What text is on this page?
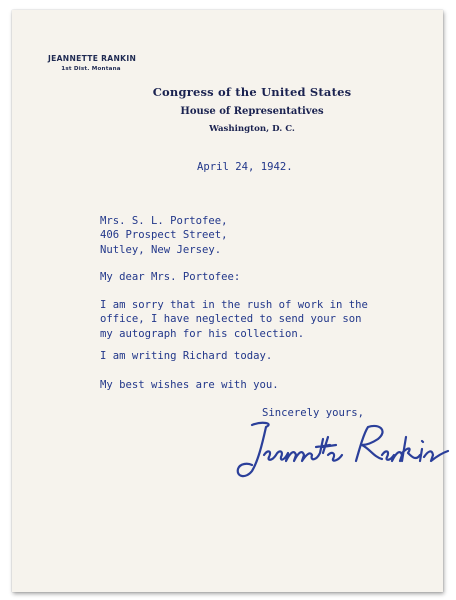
JEANNETTE RANKIN
1st Dist. Montana
Congress of the United States
House of Representatives
Washington, D. C.
April 24, 1942.
Mrs. S. L. Portofee,
406 Prospect Street,
Nutley, New Jersey.
My dear Mrs. Portofee:
I am sorry that in the rush of work in the
office, I have neglected to send your son
my autograph for his collection.
I am writing Richard today.
My best wishes are with you.
Sincerely yours,
